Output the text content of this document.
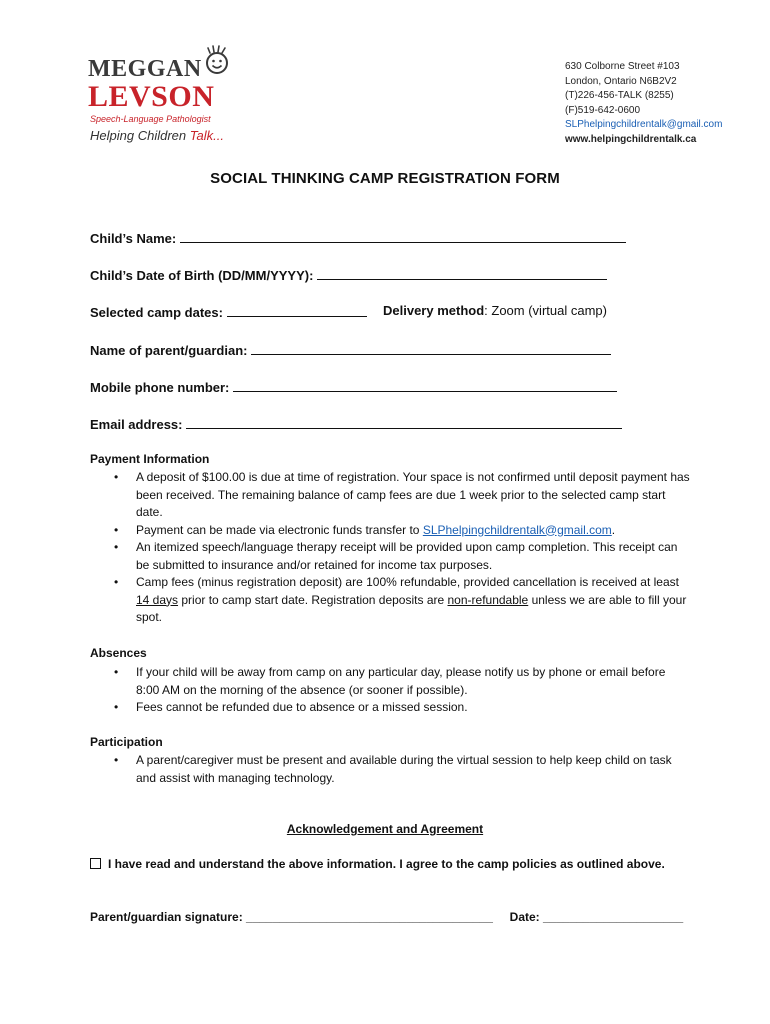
MEGGAN
LEVSON
Speech-Language Pathologist
Helping Children Talk...
630 Colborne Street #103
London, Ontario N6B2V2
(T)226-456-TALK (8255)
(F)519-642-0600
SLPhelpingchildrentalk@gmail.com
www.helpingchildrentalk.ca
SOCIAL THINKING CAMP REGISTRATION FORM
Child’s Name:
Child’s Date of Birth (DD/MM/YYYY):
Selected camp dates:	Delivery method: Zoom (virtual camp)
Name of parent/guardian:
Mobile phone number:
Email address:
Payment Information
• A deposit of $100.00 is due at time of registration. Your space is not confirmed until deposit payment has been received. The remaining balance of camp fees are due 1 week prior to the selected camp start date.
• Payment can be made via electronic funds transfer to SLPhelpingchildrentalk@gmail.com.
• An itemized speech/language therapy receipt will be provided upon camp completion. This receipt can be submitted to insurance and/or retained for income tax purposes.
• Camp fees (minus registration deposit) are 100% refundable, provided cancellation is received at least 14 days prior to camp start date. Registration deposits are non-refundable unless we are able to fill your spot.
Absences
• If your child will be away from camp on any particular day, please notify us by phone or email before 8:00 AM on the morning of the absence (or sooner if possible).
• Fees cannot be refunded due to absence or a missed session.
Participation
• A parent/caregiver must be present and available during the virtual session to help keep child on task and assist with managing technology.
Acknowledgement and Agreement
I have read and understand the above information. I agree to the camp policies as outlined above.
Parent/guardian signature: _____________________________________ Date: _____________________
